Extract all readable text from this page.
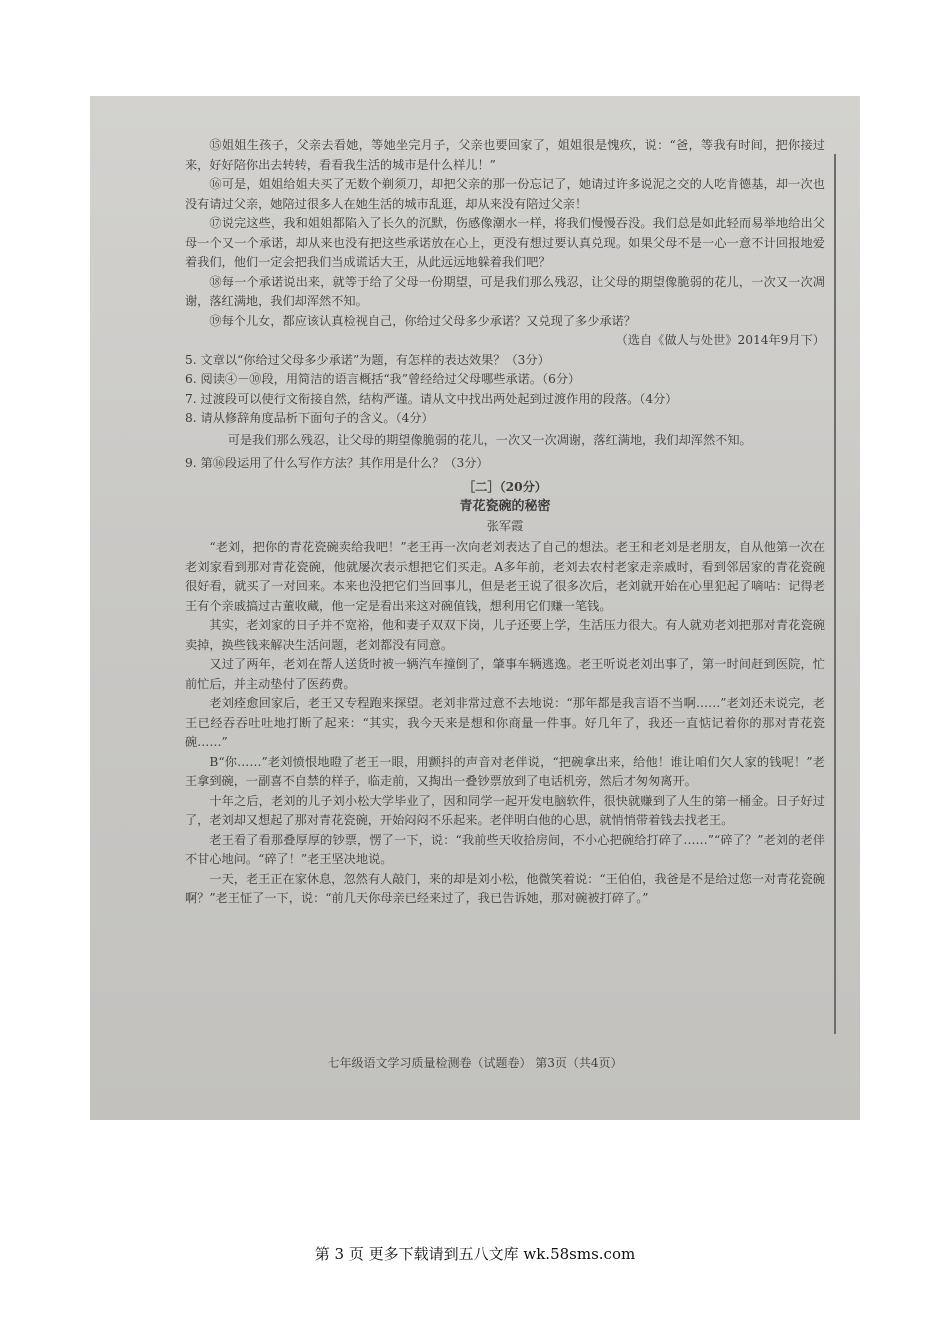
⑮姐姐生孩子，父亲去看她，等她坐完月子，父亲也要回家了，姐姐很是愧疚，说：“爸，等我有时间，把你接过来，好好陪你出去转转，看看我生活的城市是什么样儿！”

⑯可是，姐姐给姐夫买了无数个剃须刀，却把父亲的那一份忘记了，她请过许多说泥之交的人吃肯德基，却一次也没有请过父亲，她陪过很多人在她生活的城市乱逛，却从来没有陪过父亲！

⑰说完这些，我和姐姐都陷入了长久的沉默，伤感像潮水一样，将我们慢慢吞没。我们总是如此轻而易举地给出父母一个又一个承诺，却从来也没有把这些承诺放在心上，更没有想过要认真兑现。如果父母不是一心一意不计回报地爱着我们，他们一定会把我们当成谎话大王，从此远远地躲着我们吧？

⑱每一个承诺说出来，就等于给了父母一份期望，可是我们那么残忍，让父母的期望像脆弱的花儿，一次又一次凋谢，落红满地，我们却浑然不知。

⑲每个儿女，都应该认真检视自己，你给过父母多少承诺？又兑现了多少承诺？

（选自《做人与处世》2014年9月下）

5. 文章以“你给过父母多少承诺”为题，有怎样的表达效果？（3分）

6. 阅读④－⑩段，用简洁的语言概括“我”曾经给过父母哪些承诺。（6分）

7. 过渡段可以使行文衔接自然，结构严谨。请从文中找出两处起到过渡作用的段落。（4分）

8. 请从修辞角度品析下面句子的含义。（4分）

可是我们那么残忍，让父母的期望像脆弱的花儿，一次又一次凋谢，落红满地，我们却浑然不知。

9. 第⑯段运用了什么写作方法？其作用是什么？（3分）

［二］（20分）

青花瓷碗的秘密

张军霞

“老刘，把你的青花瓷碗卖给我吧！”老王再一次向老刘表达了自己的想法。老王和老刘是老朋友，自从他第一次在老刘家看到那对青花瓷碗，他就屡次表示想把它们买走。A多年前，老刘去农村老家走亲戚时，看到邻居家的青花瓷碗很好看，就买了一对回来。本来也没把它们当回事儿，但是老王说了很多次后，老刘就开始在心里犯起了嘀咕：记得老王有个亲戚搞过古董收藏，他一定是看出来这对碗值钱，想利用它们赚一笔钱。

其实，老刘家的日子并不宽裕，他和妻子双双下岗，儿子还要上学，生活压力很大。有人就劝老刘把那对青花瓷碗卖掉，换些钱来解决生活问题，老刘都没有同意。

又过了两年，老刘在帮人送货时被一辆汽车撞倒了，肇事车辆逃逸。老王听说老刘出事了，第一时间赶到医院，忙前忙后，并主动垫付了医药费。

老刘痊愈回家后，老王又专程跑来探望。老刘非常过意不去地说：“那年都是我言语不当啊……”老刘还未说完，老王已经吞吞吐吐地打断了起来：“其实，我今天来是想和你商量一件事。好几年了，我还一直惦记着你的那对青花瓷碗……”

B“你……”老刘愤恨地瞪了老王一眼，用颤抖的声音对老伴说，“把碗拿出来，给他！谁让咱们欠人家的钱呢！”老王拿到碗，一副喜不自禁的样子，临走前，又掏出一叠钞票放到了电话机旁，然后才匆匆离开。

十年之后，老刘的儿子刘小松大学毕业了，因和同学一起开发电脑软件，很快就赚到了人生的第一桶金。日子好过了，老刘却又想起了那对青花瓷碗，开始闷闷不乐起来。老伴明白他的心思，就悄悄带着钱去找老王。

老王看了看那叠厚厚的钞票，愣了一下，说：“我前些天收拾房间，不小心把碗给打碎了……”“碎了？”老刘的老伴不甘心地问。“碎了！”老王坚决地说。

一天，老王正在家休息，忽然有人敲门，来的却是刘小松，他微笑着说：“王伯伯，我爸是不是给过您一对青花瓷碗啊？”老王怔了一下，说：“前几天你母亲已经来过了，我已告诉她，那对碗被打碎了。”

七年级语文学习质量检测卷（试题卷） 第3页（共4页）
第 3 页 更多下载请到五八文库 wk.58sms.com
